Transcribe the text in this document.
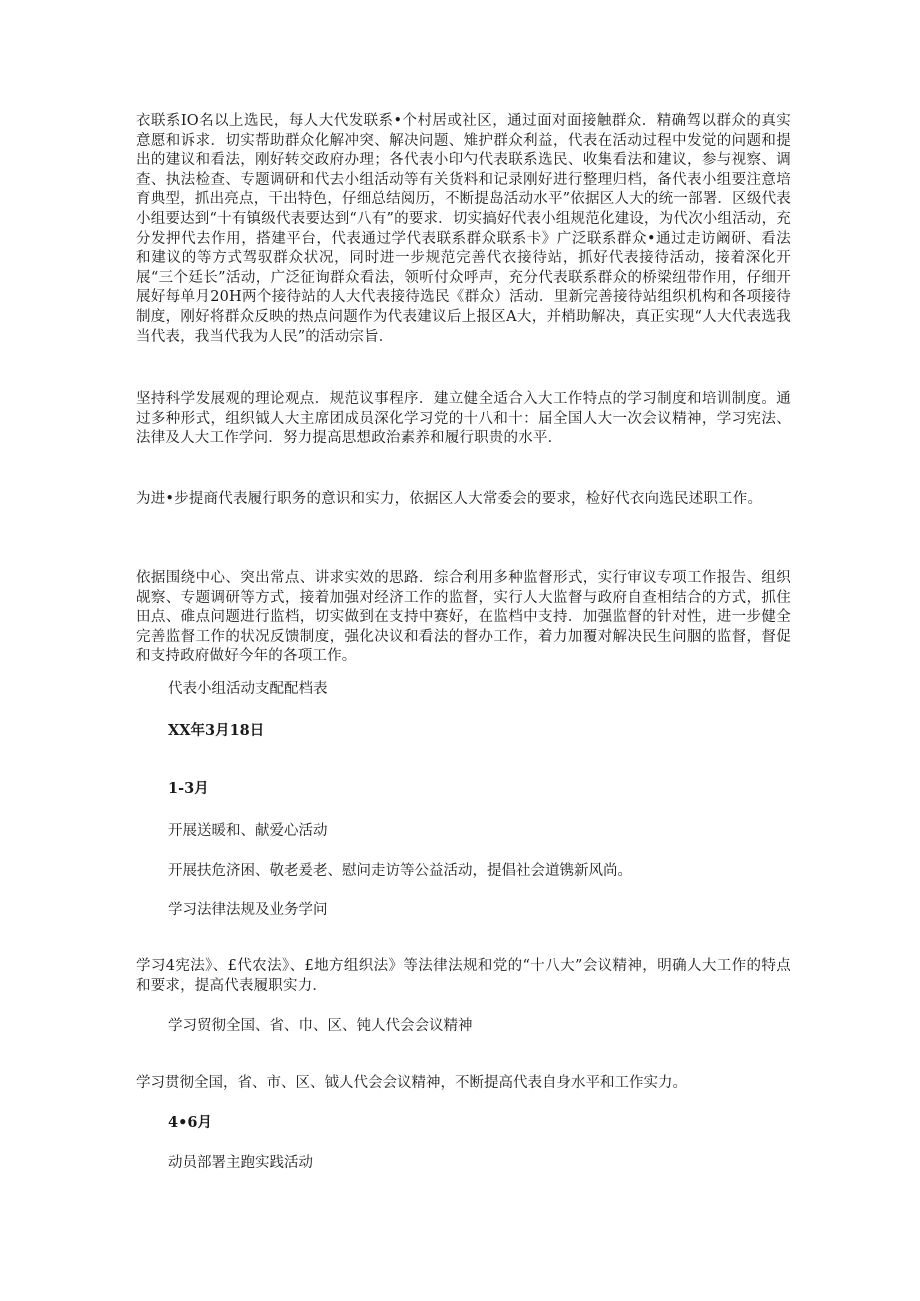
衣联系IO名以上选民，每人大代发联系•个村居或社区，通过面对面接触群众．精确驾以群众的真实意愿和诉求．切实帮助群众化解冲突、解决问题、雉护群众利益，代表在活动过程中发觉的问题和提出的建议和看法，刚好转交政府办理；各代表小印勺代表联系选民、收集看法和建议，参与视察、调查、执法检查、专题调研和代去小组活动等有关货料和记录刚好进行整理归档，备代表小组要注意培育典型，抓出亮点，干出特色，仔细总结阅历，不断提岛活动水平”依据区人大的统一部署．区级代表小组要达到“十有镇级代表要达到“八有”的要求．切实搞好代表小组规范化建设，为代次小组活动，充分发押代去作用，搭建平台，代表通过学代表联系群众联系卡》广泛联系群众•通过走访阚研、看法和建议的等方式驾驭群众状况，同时进一步规范完善代衣接待站，抓好代表接待活动，接着深化开展“三个廷长”活动，广泛征询群众看法，领听付众呼声，充分代表联系群众的桥梁纽带作用，仔细开展好每单月20H两个接待站的人大代表接待选民《群众）活动．里新完善接待站组织机构和各项接待制度，刚好将群众反映的热点问题作为代表建议后上报区A大，并梢助解决，真正实现“人大代表选我当代表，我当代我为人民”的活动宗旨．

坚持科学发展观的理论观点．规范议事程序．建立健全适合入大工作特点的学习制度和培训制度。通过多种形式，组织钺人大主席团成员深化学习党的十八和十：届全国人大一次会议精神，学习宪法、法律及人大工作学问．努力提高思想政治素养和履行职贵的水平．

为进•步提商代表履行职务的意识和实力，依据区人大常委会的要求，检好代衣向选民述职工作。

依据围绕中心、突出常点、讲求实效的思路．综合利用多种监督形式，实行审议专项工作报告、组织觇察、专题调研等方式，接着加强对经济工作的监督，实行人大监督与政府自查相结合的方式，抓住田点、碓点问题进行监档，切实做到在支持中赛好，在监档中支持．加强监督的针对性，进一步健全完善监督工作的状况反馈制度，强化决议和看法的督办工作，着力加覆对解决民生问胭的监督，督促和支持政府做好今年的各项工作。

代表小组活动支配配档表

XX年3月18日

1-3月

开展送暖和、献爱心活动

开展扶危济困、敬老爰老、慰问走访等公益活动，提倡社会道镌新风尚。

学习法律法规及业务学问

学习4宪法》、£代农法》、£地方组织法》等法律法规和党的“十八大”会议精神，明确人大工作的特点和要求，提高代表履职实力．

学习贸彻全国、省、巾、区、钝人代会会议精神

学习贯彻全国，省、市、区、钺人代会会议精神，不断提高代表自身水平和工作实力。

4•6月

动员部署主跑实践活动
